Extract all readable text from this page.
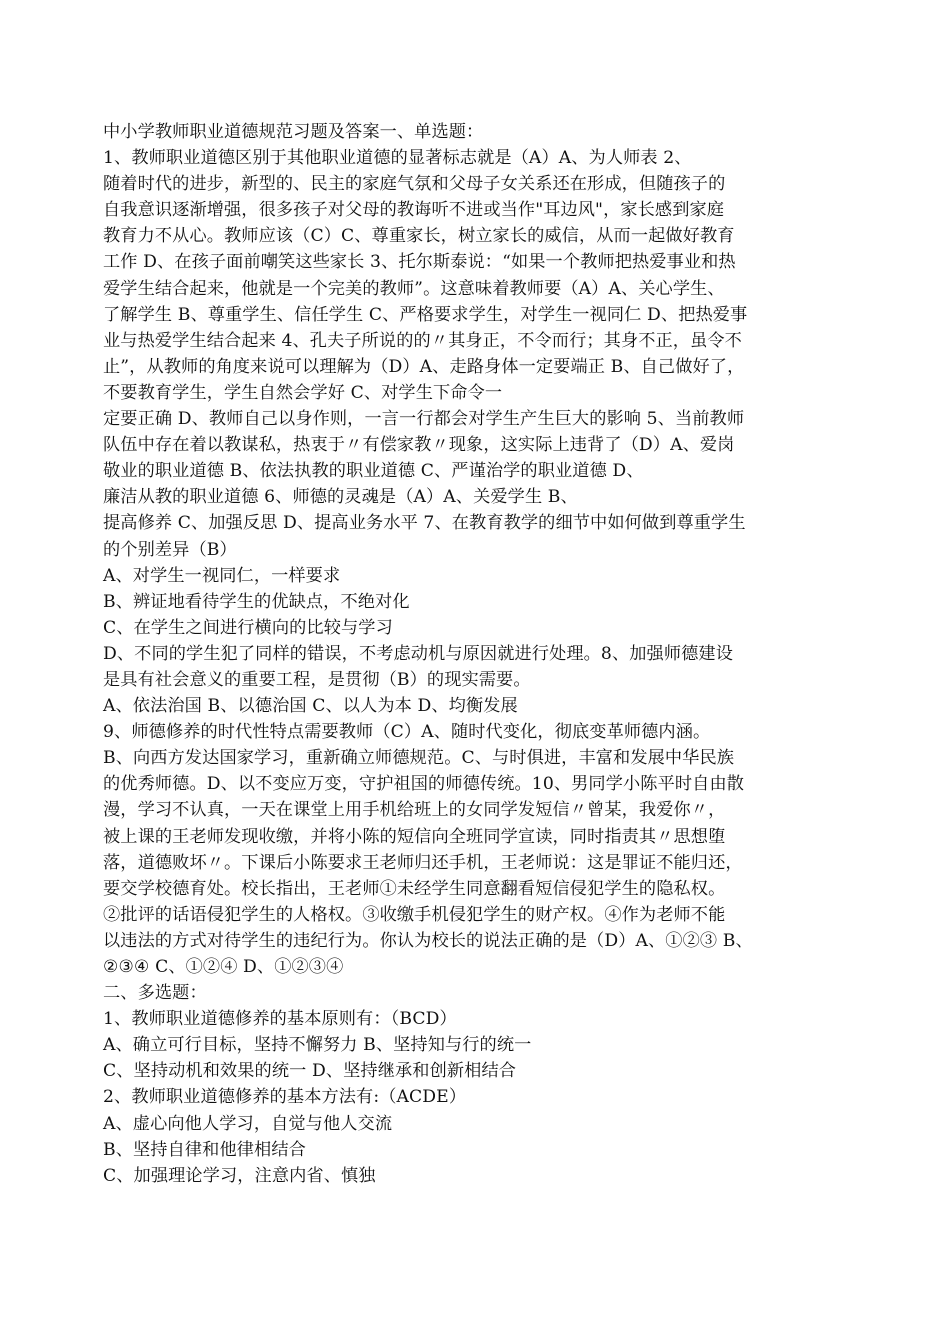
中小学教师职业道德规范习题及答案一、单选题：
1、教师职业道德区别于其他职业道德的显著标志就是（A）A、为人师表 2、
随着时代的进步，新型的、民主的家庭气氛和父母子女关系还在形成，但随孩子的
自我意识逐渐增强，很多孩子对父母的教诲听不进或当作"耳边风"，家长感到家庭
教育力不从心。教师应该（C）C、尊重家长，树立家长的威信，从而一起做好教育
工作 D、在孩子面前嘲笑这些家长 3、托尔斯泰说：“如果一个教师把热爱事业和热
爱学生结合起来，他就是一个完美的教师”。这意味着教师要（A）A、关心学生、
了解学生 B、尊重学生、信任学生 C、严格要求学生，对学生一视同仁 D、把热爱事
业与热爱学生结合起来 4、孔夫子所说的的〃其身正，不令而行；其身不正，虽令不
止”，从教师的角度来说可以理解为（D）A、走路身体一定要端正 B、自己做好了，
不要教育学生，学生自然会学好 C、对学生下命令一
定要正确 D、教师自己以身作则，一言一行都会对学生产生巨大的影响 5、当前教师
队伍中存在着以教谋私，热衷于〃有偿家教〃现象，这实际上违背了（D）A、爱岗
敬业的职业道德 B、依法执教的职业道德 C、严谨治学的职业道德 D、
廉洁从教的职业道德 6、师德的灵魂是（A）A、关爱学生 B、
提高修养 C、加强反思 D、提高业务水平 7、在教育教学的细节中如何做到尊重学生
的个别差异（B）
A、对学生一视同仁，一样要求
B、辨证地看待学生的优缺点，不绝对化
C、在学生之间进行横向的比较与学习
D、不同的学生犯了同样的错误，不考虑动机与原因就进行处理。8、加强师德建设
是具有社会意义的重要工程，是贯彻（B）的现实需要。
A、依法治国 B、以德治国 C、以人为本 D、均衡发展
9、师德修养的时代性特点需要教师（C）A、随时代变化，彻底变革师德内涵。
B、向西方发达国家学习，重新确立师德规范。C、与时俱进，丰富和发展中华民族
的优秀师德。D、以不变应万变，守护祖国的师德传统。10、男同学小陈平时自由散
漫，学习不认真，一天在课堂上用手机给班上的女同学发短信〃曾某，我爱你〃，
被上课的王老师发现收缴，并将小陈的短信向全班同学宣读，同时指责其〃思想堕
落，道德败坏〃。下课后小陈要求王老师归还手机，王老师说：这是罪证不能归还，
要交学校德育处。校长指出，王老师①未经学生同意翻看短信侵犯学生的隐私权。
②批评的话语侵犯学生的人格权。③收缴手机侵犯学生的财产权。④作为老师不能
以违法的方式对待学生的违纪行为。你认为校长的说法正确的是（D）A、①②③ B、
②③④ C、①②④ D、①②③④
二、多选题：
1、教师职业道德修养的基本原则有：（BCD）
A、确立可行目标，坚持不懈努力 B、坚持知与行的统一
C、坚持动机和效果的统一 D、坚持继承和创新相结合
2、教师职业道德修养的基本方法有:（ACDE）
A、虚心向他人学习，自觉与他人交流
B、坚持自律和他律相结合
C、加强理论学习，注意内省、慎独
